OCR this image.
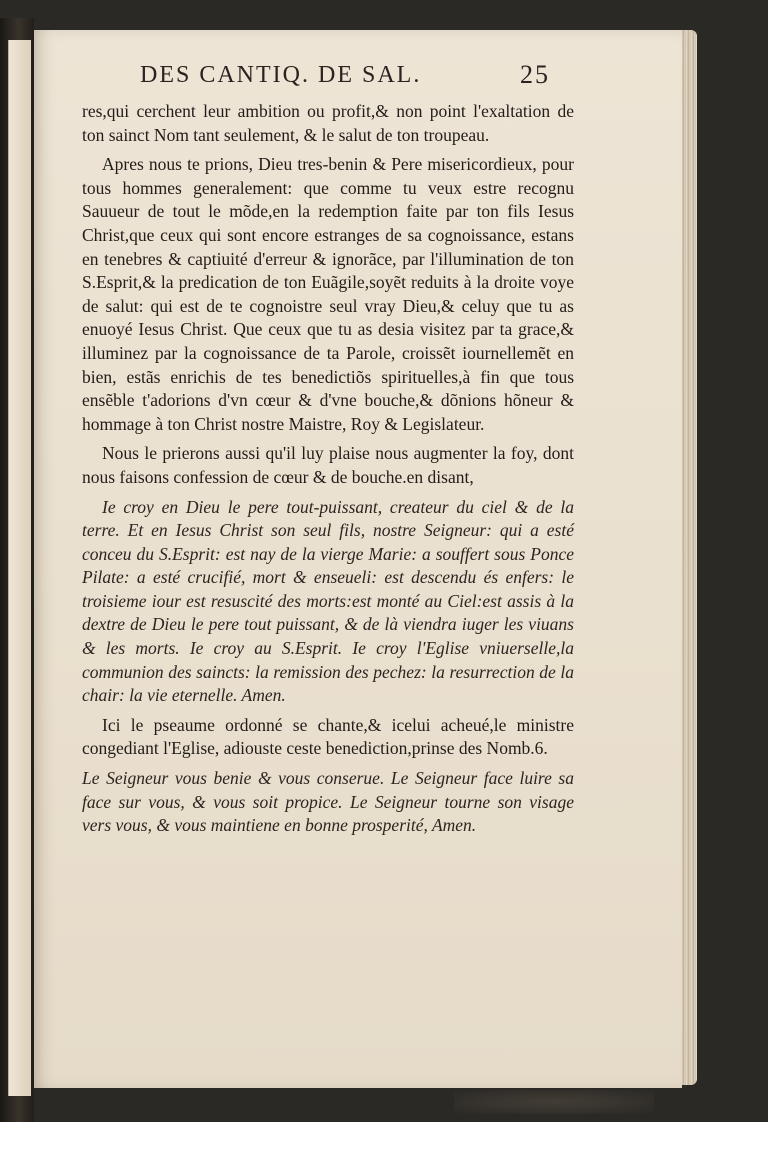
DES CANTIQ. DE SAL.	25

res,qui cerchent leur ambition ou profit,& non point l'exaltation de ton sainct Nom tant seulement, & le salut de ton troupeau.

Apres nous te prions, Dieu tres-benin & Pere misericordieux, pour tous hommes generalement: que comme tu veux estre recognu Sauueur de tout le mõde,en la redemption faite par ton fils Iesus Christ,que ceux qui sont encore estranges de sa cognoissance, estans en tenebres & captiuité d'erreur & ignorãce, par l'illumination de ton S.Esprit,& la predication de ton Euãgile,soyẽt reduits à la droite voye de salut: qui est de te cognoistre seul vray Dieu,& celuy que tu as enuoyé Iesus Christ. Que ceux que tu as desia visitez par ta grace,& illuminez par la cognoissance de ta Parole, croissẽt iournellemẽt en bien, estãs enrichis de tes benedictiõs spirituelles,à fin que tous ensẽble t'adorions d'vn cœur & d'vne bouche,& dõnions hõneur & hommage à ton Christ nostre Maistre, Roy & Legislateur.

Nous le prierons aussi qu'il luy plaise nous augmenter la foy, dont nous faisons confession de cœur & de bouche.en disant,

Ie croy en Dieu le pere tout-puissant, createur du ciel & de la terre. Et en Iesus Christ son seul fils, nostre Seigneur: qui a esté conceu du S.Esprit: est nay de la vierge Marie: a souffert sous Ponce Pilate: a esté crucifié, mort & enseueli: est descendu és enfers: le troisieme iour est resuscité des morts:est monté au Ciel:est assis à la dextre de Dieu le pere tout puissant, & de là viendra iuger les viuans & les morts. Ie croy au S.Esprit. Ie croy l'Eglise vniuerselle,la communion des saincts: la remission des pechez: la resurrection de la chair: la vie eternelle. Amen.

Ici le pseaume ordonné se chante,& icelui acheué,le ministre congediant l'Eglise, adiouste ceste benediction,prinse des Nomb.6.

Le Seigneur vous benie & vous conserue. Le Seigneur face luire sa face sur vous, & vous soit propice. Le Seigneur tourne son visage vers vous, & vous maintiene en bonne prosperité, Amen.
